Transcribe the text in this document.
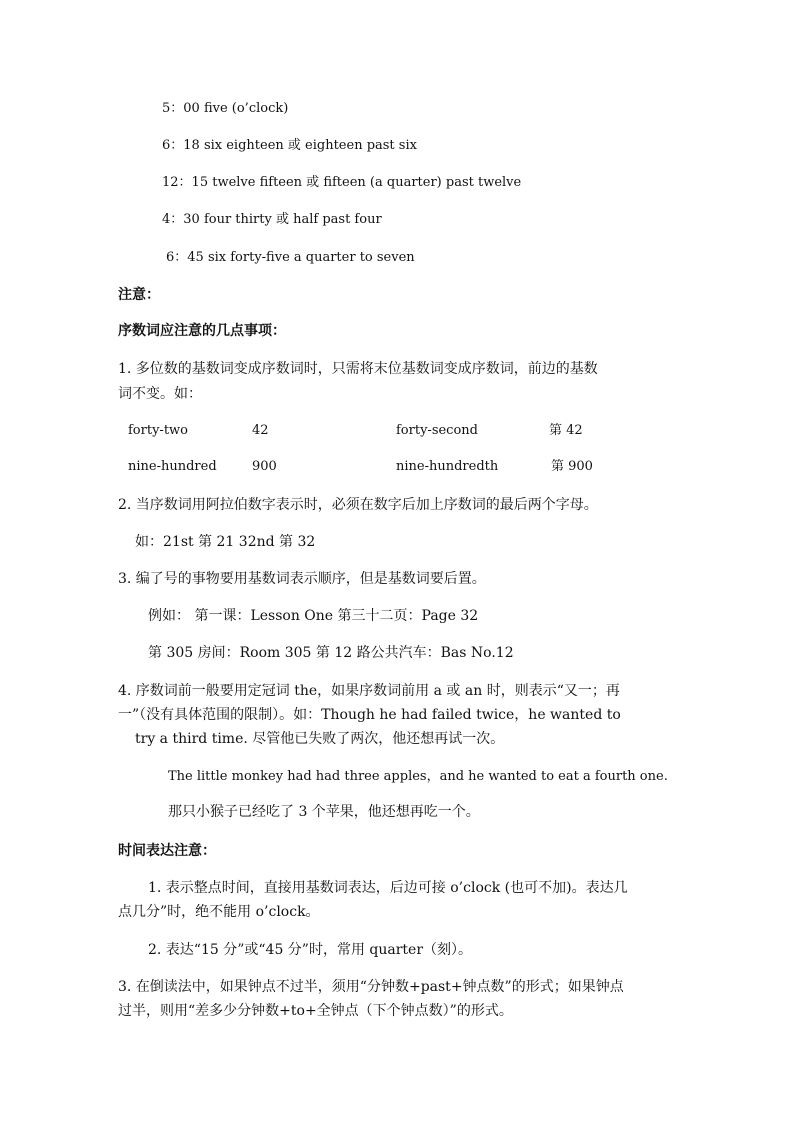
5：00 five (o’clock)
6：18 six eighteen 或 eighteen past six
12：15 twelve fifteen 或 fifteen (a quarter) past twelve
4：30 four thirty 或 half past four
6：45 six forty-five a quarter to seven
注意：
序数词应注意的几点事项：
1. 多位数的基数词变成序数词时，只需将末位基数词变成序数词，前边的基数
词不变。如：
forty-two	42	forty-second	第 42
nine-hundred	900	nine-hundredth	第 900
2. 当序数词用阿拉伯数字表示时，必须在数字后加上序数词的最后两个字母。
如：21st 第 21 32nd 第 32
3. 编了号的事物要用基数词表示顺序，但是基数词要后置。
例如： 第一课：Lesson One 第三十二页：Page 32
第 305 房间：Room 305 第 12 路公共汽车：Bas No.12
4. 序数词前一般要用定冠词 the，如果序数词前用 a 或 an 时，则表示“又一；再
一”（没有具体范围的限制）。如：Though he had failed twice，he wanted to
try a third time. 尽管他已失败了两次，他还想再试一次。
The little monkey had had three apples，and he wanted to eat a fourth one.
那只小猴子已经吃了 3 个苹果，他还想再吃一个。
时间表达注意：
1. 表示整点时间，直接用基数词表达，后边可接 o’clock (也可不加)。表达几
点几分”时，绝不能用 o’clock。
2. 表达“15 分”或“45 分”时，常用 quarter（刻）。
3. 在倒读法中，如果钟点不过半，须用“分钟数+past+钟点数”的形式；如果钟点
过半，则用“差多少分钟数+to+全钟点（下个钟点数）”的形式。
